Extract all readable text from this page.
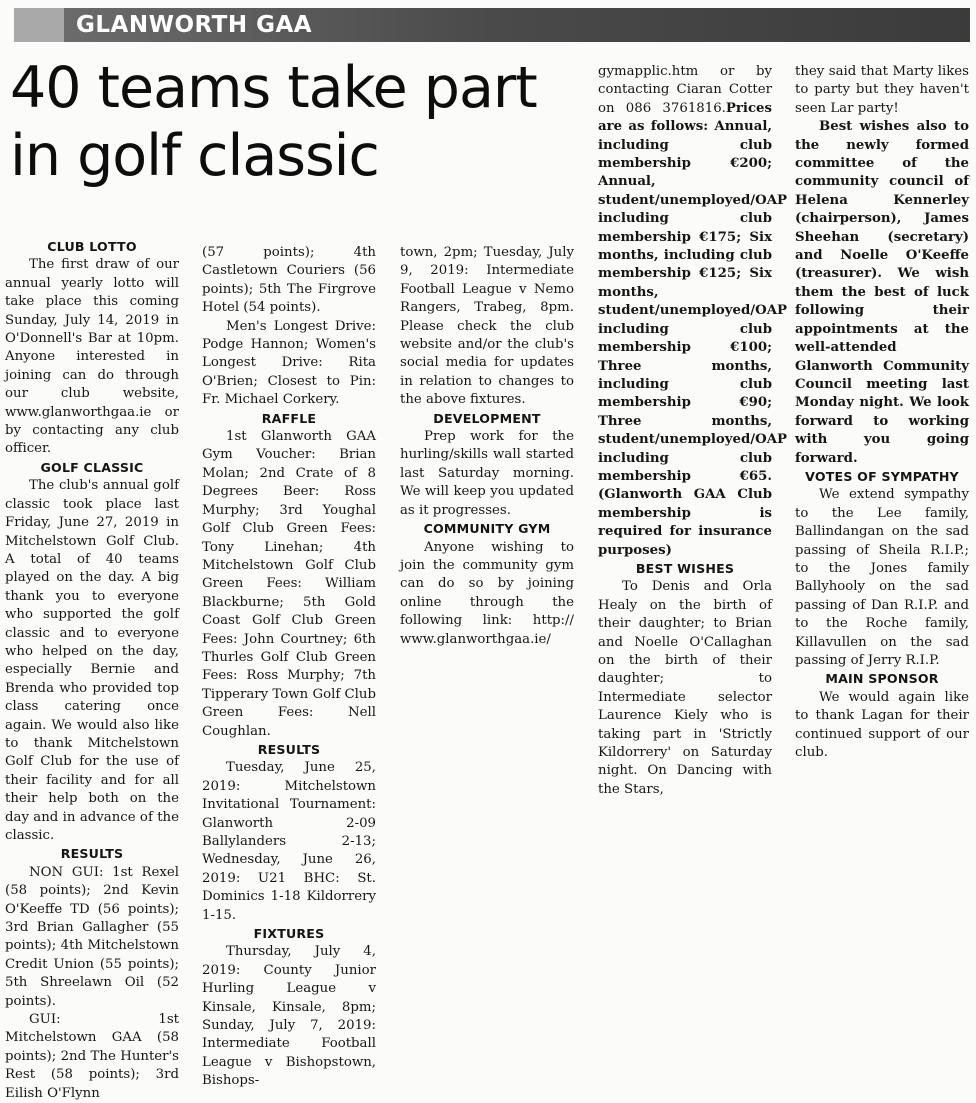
GLANWORTH GAA
40 teams take part in golf classic
CLUB LOTTO

The first draw of our annual yearly lotto will take place this coming Sunday, July 14, 2019 in O'Donnell's Bar at 10pm. Anyone interested in joining can do through our club website, www.glanworthgaa.ie or by contacting any club officer.

GOLF CLASSIC

The club's annual golf classic took place last Friday, June 27, 2019 in Mitchelstown Golf Club. A total of 40 teams played on the day. A big thank you to everyone who supported the golf classic and to everyone who helped on the day, especially Bernie and Brenda who provided top class catering once again. We would also like to thank Mitchelstown Golf Club for the use of their facility and for all their help both on the day and in advance of the classic.

RESULTS

NON GUI: 1st Rexel (58 points); 2nd Kevin O'Keeffe TD (56 points); 3rd Brian Gallagher (55 points); 4th Mitchelstown Credit Union (55 points); 5th Shreelawn Oil (52 points).

GUI: 1st Mitchelstown GAA (58 points); 2nd The Hunter's Rest (58 points); 3rd Eilish O'Flynn

(57 points); 4th Castletown Couriers (56 points); 5th The Firgrove Hotel (54 points).

Men's Longest Drive: Podge Hannon; Women's Longest Drive: Rita O'Brien; Closest to Pin: Fr. Michael Corkery.

RAFFLE

1st Glanworth GAA Gym Voucher: Brian Molan; 2nd Crate of 8 Degrees Beer: Ross Murphy; 3rd Youghal Golf Club Green Fees: Tony Linehan; 4th Mitchelstown Golf Club Green Fees: William Blackburne; 5th Gold Coast Golf Club Green Fees: John Courtney; 6th Thurles Golf Club Green Fees: Ross Murphy; 7th Tipperary Town Golf Club Green Fees: Nell Coughlan.

RESULTS

Tuesday, June 25, 2019: Mitchelstown Invitational Tournament: Glanworth 2-09 Ballylanders 2-13; Wednesday, June 26, 2019: U21 BHC: St. Dominics 1-18 Kildorrery 1-15.

FIXTURES

Thursday, July 4, 2019: County Junior Hurling League v Kinsale, Kinsale, 8pm; Sunday, July 7, 2019: Intermediate Football League v Bishopstown, Bishops-

town, 2pm; Tuesday, July 9, 2019: Intermediate Football League v Nemo Rangers, Trabeg, 8pm. Please check the club website and/or the club's social media for updates in relation to changes to the above fixtures.

DEVELOPMENT

Prep work for the hurling/skills wall started last Saturday morning. We will keep you updated as it progresses.

COMMUNITY GYM

Anyone wishing to join the community gym can do so by joining online through the following link: http:// www.glanworthgaa.ie/

gymapplic.htm or by contacting Ciaran Cotter on 086 3761816.Prices are as follows: Annual, including club membership €200; Annual, student/unemployed/OAP including club membership €175; Six months, including club membership €125; Six months, student/unemployed/OAP including club membership €100; Three months, including club membership €90; Three months, student/unemployed/OAP including club membership €65. (Glanworth GAA Club membership is required for insurance purposes)

BEST WISHES

To Denis and Orla Healy on the birth of their daughter; to Brian and Noelle O'Callaghan on the birth of their daughter; to Intermediate selector Laurence Kiely who is taking part in 'Strictly Kildorrery' on Saturday night. On Dancing with the Stars,

they said that Marty likes to party but they haven't seen Lar party!

Best wishes also to the newly formed committee of the community council of Helena Kennerley (chairperson), James Sheehan (secretary) and Noelle O'Keeffe (treasurer). We wish them the best of luck following their appointments at the well-attended Glanworth Community Council meeting last Monday night. We look forward to working with you going forward.

VOTES OF SYMPATHY

We extend sympathy to the Lee family, Ballindangan on the sad passing of Sheila R.I.P.; to the Jones family Ballyhooly on the sad passing of Dan R.I.P. and to the Roche family, Killavullen on the sad passing of Jerry R.I.P.

MAIN SPONSOR

We would again like to thank Lagan for their continued support of our club.
